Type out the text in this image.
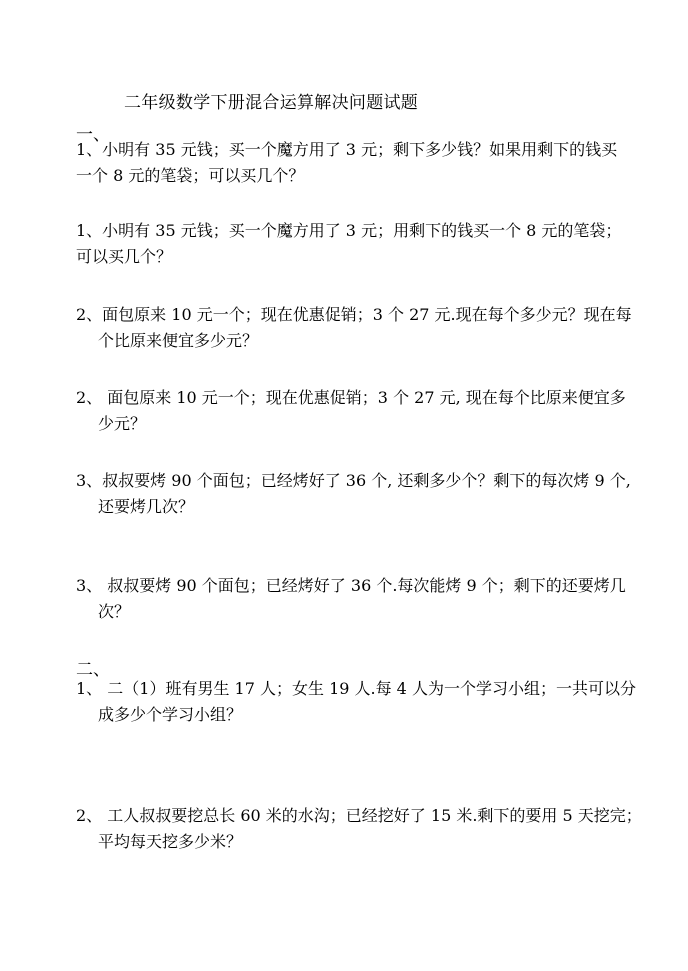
二年级数学下册混合运算解决问题试题
一、
1、小明有 35 元钱；买一个魔方用了 3 元；剩下多少钱？如果用剩下的钱买
一个 8 元的笔袋；可以买几个？
1、小明有 35 元钱；买一个魔方用了 3 元；用剩下的钱买一个 8 元的笔袋；
可以买几个？
2、面包原来 10 元一个；现在优惠促销；3 个 27 元.现在每个多少元？现在每
个比原来便宜多少元？
2、 面包原来 10 元一个；现在优惠促销；3 个 27 元, 现在每个比原来便宜多
少元？
3、叔叔要烤 90 个面包；已经烤好了 36 个, 还剩多少个？剩下的每次烤 9 个,
还要烤几次？
3、 叔叔要烤 90 个面包；已经烤好了 36 个.每次能烤 9 个；剩下的还要烤几
次？
二、
1、 二（1）班有男生 17 人；女生 19 人.每 4 人为一个学习小组；一共可以分
成多少个学习小组？
2、 工人叔叔要挖总长 60 米的水沟；已经挖好了 15 米.剩下的要用 5 天挖完；
平均每天挖多少米？
